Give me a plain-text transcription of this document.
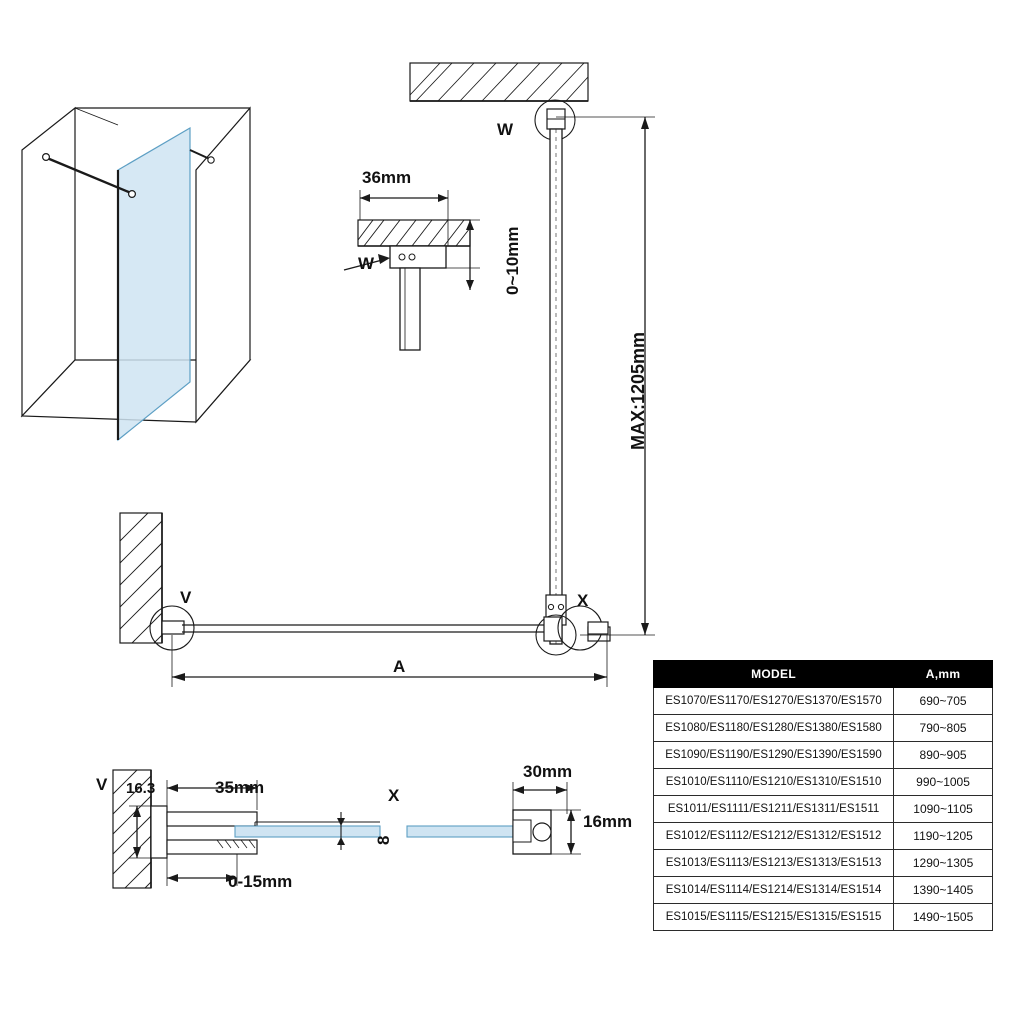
36mm
W	0~10mm
W
MAX:1205mm
V	X
A
V	35mm
16.3
0-15mm
8
X
30mm
16mm
MODEL	A,mm
ES1070/ES1170/ES1270/ES1370/ES1570	690~705
ES1080/ES1180/ES1280/ES1380/ES1580	790~805
ES1090/ES1190/ES1290/ES1390/ES1590	890~905
ES1010/ES1110/ES1210/ES1310/ES1510	990~1005
ES1011/ES1111/ES1211/ES1311/ES1511	1090~1105
ES1012/ES1112/ES1212/ES1312/ES1512	1190~1205
ES1013/ES1113/ES1213/ES1313/ES1513	1290~1305
ES1014/ES1114/ES1214/ES1314/ES1514	1390~1405
ES1015/ES1115/ES1215/ES1315/ES1515	1490~1505
